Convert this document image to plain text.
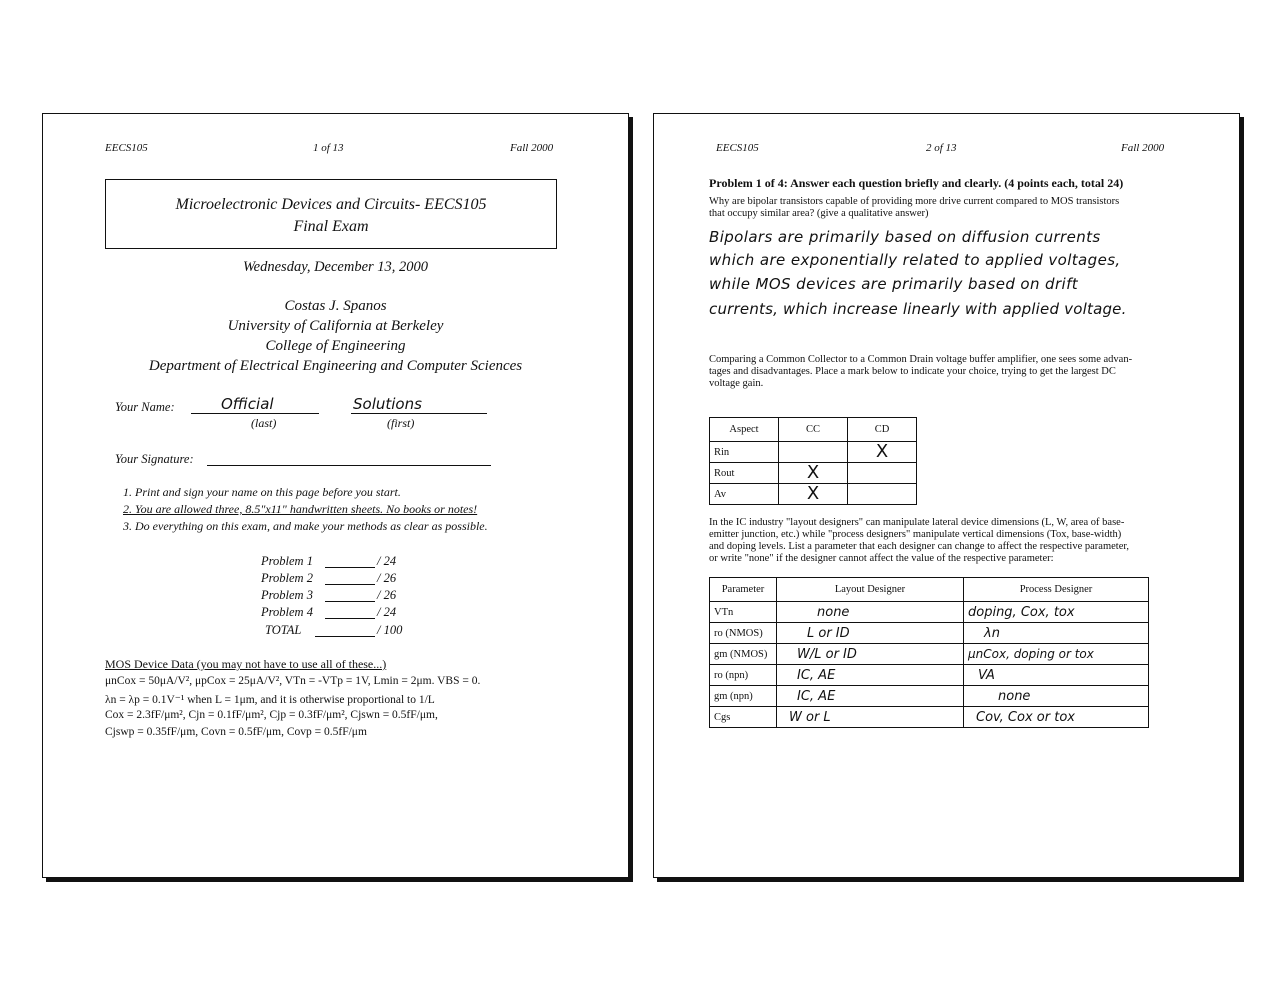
EECS105	1 of 13	Fall 2000
Microelectronic Devices and Circuits- EECS105
Final Exam
Wednesday, December 13, 2000
Costas J. Spanos
University of California at Berkeley
College of Engineering
Department of Electrical Engineering and Computer Sciences
Your Name:	Official	Solutions
(last)	(first)
Your Signature:
1. Print and sign your name on this page before you start.
2. You are allowed three, 8.5"x11" handwritten sheets. No books or notes!
3. Do everything on this exam, and make your methods as clear as possible.
Problem 1	/ 24
Problem 2	/ 26
Problem 3	/ 26
Problem 4	/ 24
TOTAL	/ 100
MOS Device Data (you may not have to use all of these...)
μnCox = 50μA/V², μpCox = 25μA/V², VTn = -VTp = 1V, Lmin = 2μm. VBS = 0.
λn = λp = 0.1V⁻¹ when L = 1μm, and it is otherwise proportional to 1/L
Cox = 2.3fF/μm², Cjn = 0.1fF/μm², Cjp = 0.3fF/μm², Cjswn = 0.5fF/μm,
Cjswp = 0.35fF/μm, Covn = 0.5fF/μm, Covp = 0.5fF/μm
EECS105	2 of 13	Fall 2000
Problem 1 of 4: Answer each question briefly and clearly. (4 points each, total 24)
Why are bipolar transistors capable of providing more drive current compared to MOS transistors
that occupy similar area? (give a qualitative answer)
Bipolars are primarily based on diffusion currents
which are exponentially related to applied voltages,
while MOS devices are primarily based on drift
currents, which increase linearly with applied voltage.
Comparing a Common Collector to a Common Drain voltage buffer amplifier, one sees some advan-
tages and disadvantages. Place a mark below to indicate your choice, trying to get the largest DC
voltage gain.
Aspect	CC	CD
Rin		X
Rout	X	
Av	X	
In the IC industry "layout designers" can manipulate lateral device dimensions (L, W, area of base-
emitter junction, etc.) while "process designers" manipulate vertical dimensions (Tox, base-width)
and doping levels. List a parameter that each designer can change to affect the respective parameter,
or write "none" if the designer cannot affect the value of the respective parameter:
Parameter	Layout Designer	Process Designer
VTn	none	doping, Cox, tox
ro (NMOS)	L or ID	λn
gm (NMOS)	W/L or ID	μnCox, doping or tox
ro (npn)	IC, AE	VA
gm (npn)	IC, AE	none
Cgs	W or L	Cov, Cox or tox
